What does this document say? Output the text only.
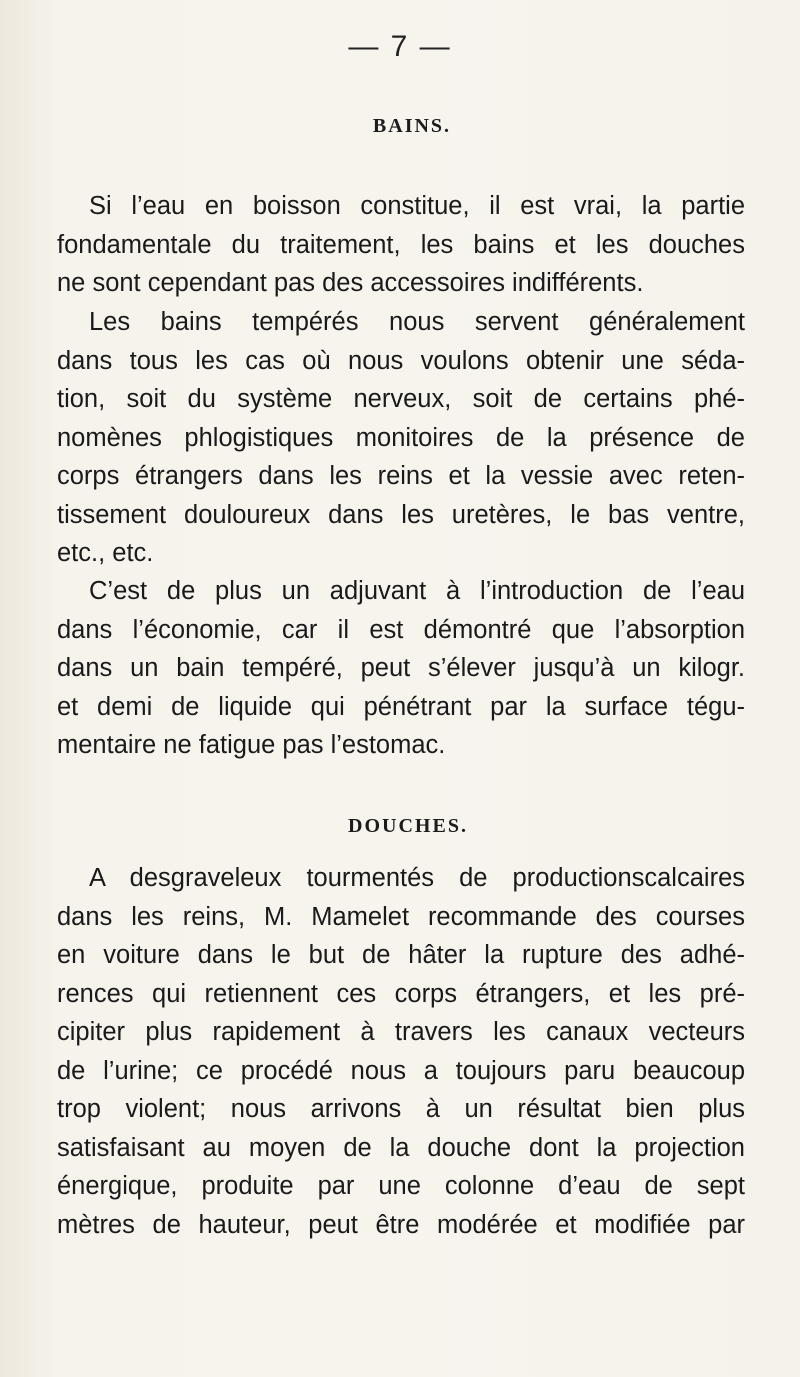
— 7 —
BAINS.
Si l’eau en boisson constitue, il est vrai, la partie
fondamentale du traitement, les bains et les douches
ne sont cependant pas des accessoires indifférents.
Les bains tempérés nous servent généralement
dans tous les cas où nous voulons obtenir une séda-
tion, soit du système nerveux, soit de certains phé-
nomènes phlogistiques monitoires de la présence de
corps étrangers dans les reins et la vessie avec reten-
tissement douloureux dans les uretères, le bas ventre,
etc., etc.
C’est de plus un adjuvant à l’introduction de l’eau
dans l’économie, car il est démontré que l’absorption
dans un bain tempéré, peut s’élever jusqu’à un kilogr.
et demi de liquide qui pénétrant par la surface tégu-
mentaire ne fatigue pas l’estomac.
DOUCHES.
A desgraveleux tourmentés de productionscalcaires
dans les reins, M. Mamelet recommande des courses
en voiture dans le but de hâter la rupture des adhé-
rences qui retiennent ces corps étrangers, et les pré-
cipiter plus rapidement à travers les canaux vecteurs
de l’urine; ce procédé nous a toujours paru beaucoup
trop violent; nous arrivons à un résultat bien plus
satisfaisant au moyen de la douche dont la projection
énergique, produite par une colonne d’eau de sept
mètres de hauteur, peut être modérée et modifiée par
